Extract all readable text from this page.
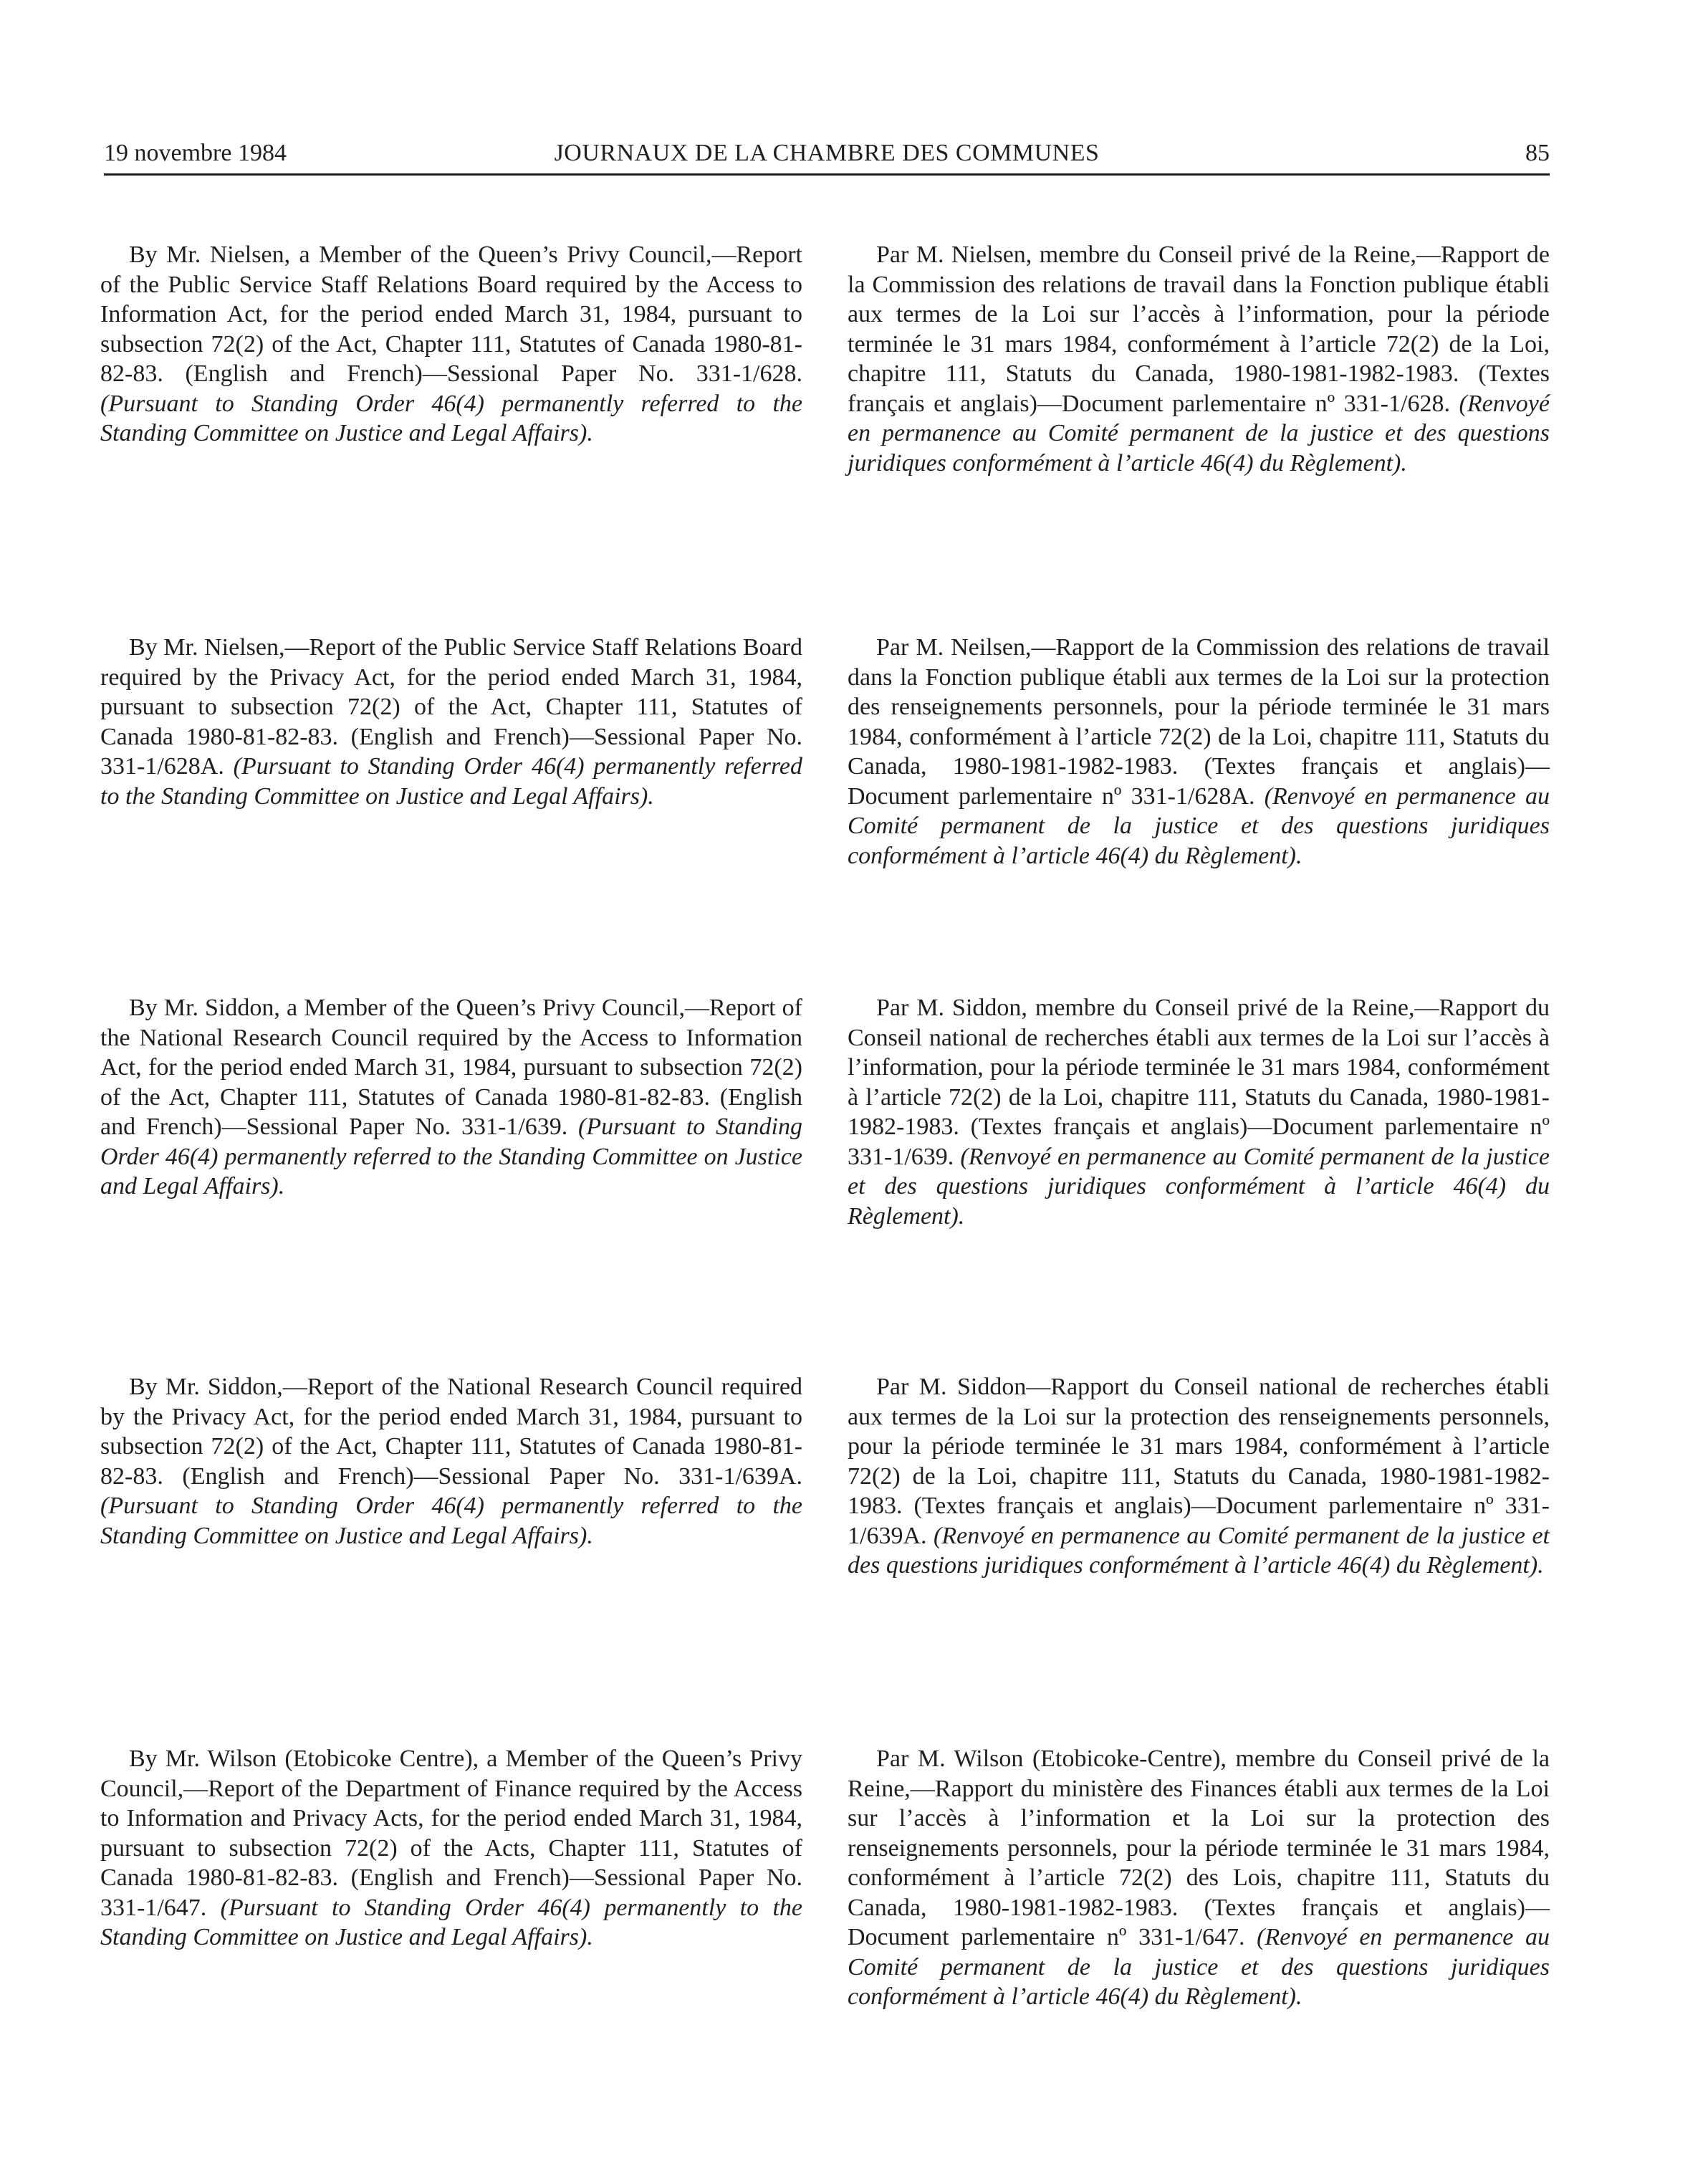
19 novembre 1984	JOURNAUX DE LA CHAMBRE DES COMMUNES	85

By Mr. Nielsen, a Member of the Queen’s Privy Council,—Report of the Public Service Staff Relations Board required by the Access to Information Act, for the period ended March 31, 1984, pursuant to subsection 72(2) of the Act, Chapter 111, Statutes of Canada 1980-81-82-83. (English and French)—Sessional Paper No. 331-1/628. (Pursuant to Standing Order 46(4) permanently referred to the Standing Committee on Justice and Legal Affairs).

Par M. Nielsen, membre du Conseil privé de la Reine,—Rapport de la Commission des relations de travail dans la Fonction publique établi aux termes de la Loi sur l’accès à l’information, pour la période terminée le 31 mars 1984, conformément à l’article 72(2) de la Loi, chapitre 111, Statuts du Canada, 1980-1981-1982-1983. (Textes français et anglais)—Document parlementaire nº 331-1/628. (Renvoyé en permanence au Comité permanent de la justice et des questions juridiques conformément à l’article 46(4) du Règlement).

By Mr. Nielsen,—Report of the Public Service Staff Relations Board required by the Privacy Act, for the period ended March 31, 1984, pursuant to subsection 72(2) of the Act, Chapter 111, Statutes of Canada 1980-81-82-83. (English and French)—Sessional Paper No. 331-1/628A. (Pursuant to Standing Order 46(4) permanently referred to the Standing Committee on Justice and Legal Affairs).

Par M. Neilsen,—Rapport de la Commission des relations de travail dans la Fonction publique établi aux termes de la Loi sur la protection des renseignements personnels, pour la période terminée le 31 mars 1984, conformément à l’article 72(2) de la Loi, chapitre 111, Statuts du Canada, 1980-1981-1982-1983. (Textes français et anglais)—Document parlementaire nº 331-1/628A. (Renvoyé en permanence au Comité permanent de la justice et des questions juridiques conformément à l’article 46(4) du Règlement).

By Mr. Siddon, a Member of the Queen’s Privy Council,—Report of the National Research Council required by the Access to Information Act, for the period ended March 31, 1984, pursuant to subsection 72(2) of the Act, Chapter 111, Statutes of Canada 1980-81-82-83. (English and French)—Sessional Paper No. 331-1/639. (Pursuant to Standing Order 46(4) permanently referred to the Standing Committee on Justice and Legal Affairs).

Par M. Siddon, membre du Conseil privé de la Reine,—Rapport du Conseil national de recherches établi aux termes de la Loi sur l’accès à l’information, pour la période terminée le 31 mars 1984, conformément à l’article 72(2) de la Loi, chapitre 111, Statuts du Canada, 1980-1981-1982-1983. (Textes français et anglais)—Document parlementaire nº 331-1/639. (Renvoyé en permanence au Comité permanent de la justice et des questions juridiques conformément à l’article 46(4) du Règlement).

By Mr. Siddon,—Report of the National Research Council required by the Privacy Act, for the period ended March 31, 1984, pursuant to subsection 72(2) of the Act, Chapter 111, Statutes of Canada 1980-81-82-83. (English and French)—Sessional Paper No. 331-1/639A. (Pursuant to Standing Order 46(4) permanently referred to the Standing Committee on Justice and Legal Affairs).

Par M. Siddon—Rapport du Conseil national de recherches établi aux termes de la Loi sur la protection des renseignements personnels, pour la période terminée le 31 mars 1984, conformément à l’article 72(2) de la Loi, chapitre 111, Statuts du Canada, 1980-1981-1982-1983. (Textes français et anglais)—Document parlementaire nº 331-1/639A. (Renvoyé en permanence au Comité permanent de la justice et des questions juridiques conformément à l’article 46(4) du Règlement).

By Mr. Wilson (Etobicoke Centre), a Member of the Queen’s Privy Council,—Report of the Department of Finance required by the Access to Information and Privacy Acts, for the period ended March 31, 1984, pursuant to subsection 72(2) of the Acts, Chapter 111, Statutes of Canada 1980-81-82-83. (English and French)—Sessional Paper No. 331-1/647. (Pursuant to Standing Order 46(4) permanently to the Standing Committee on Justice and Legal Affairs).

Par M. Wilson (Etobicoke-Centre), membre du Conseil privé de la Reine,—Rapport du ministère des Finances établi aux termes de la Loi sur l’accès à l’information et la Loi sur la protection des renseignements personnels, pour la période terminée le 31 mars 1984, conformément à l’article 72(2) des Lois, chapitre 111, Statuts du Canada, 1980-1981-1982-1983. (Textes français et anglais)—Document parlementaire nº 331-1/647. (Renvoyé en permanence au Comité permanent de la justice et des questions juridiques conformément à l’article 46(4) du Règlement).
